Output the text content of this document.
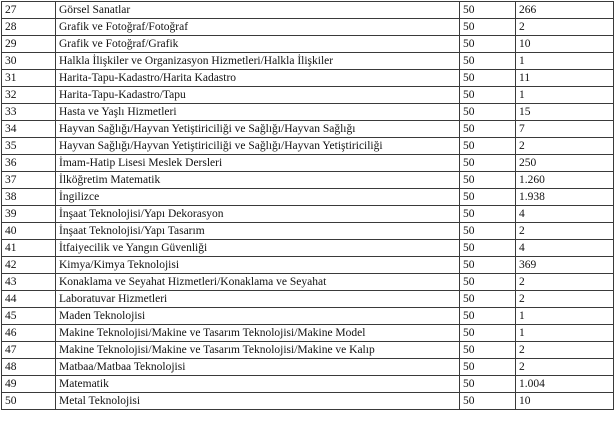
27	Görsel Sanatlar	50	266
28	Grafik ve Fotoğraf/Fotoğraf	50	2
29	Grafik ve Fotoğraf/Grafik	50	10
30	Halkla İlişkiler ve Organizasyon Hizmetleri/Halkla İlişkiler	50	1
31	Harita-Tapu-Kadastro/Harita Kadastro	50	11
32	Harita-Tapu-Kadastro/Tapu	50	1
33	Hasta ve Yaşlı Hizmetleri	50	15
34	Hayvan Sağlığı/Hayvan Yetiştiriciliği ve Sağlığı/Hayvan Sağlığı	50	7
35	Hayvan Sağlığı/Hayvan Yetiştiriciliği ve Sağlığı/Hayvan Yetiştiriciliği	50	2
36	İmam-Hatip Lisesi Meslek Dersleri	50	250
37	İlköğretim Matematik	50	1.260
38	İngilizce	50	1.938
39	İnşaat Teknolojisi/Yapı Dekorasyon	50	4
40	İnşaat Teknolojisi/Yapı Tasarım	50	2
41	İtfaiyecilik ve Yangın Güvenliği	50	4
42	Kimya/Kimya Teknolojisi	50	369
43	Konaklama ve Seyahat Hizmetleri/Konaklama ve Seyahat	50	2
44	Laboratuvar Hizmetleri	50	2
45	Maden Teknolojisi	50	1
46	Makine Teknolojisi/Makine ve Tasarım Teknolojisi/Makine Model	50	1
47	Makine Teknolojisi/Makine ve Tasarım Teknolojisi/Makine ve Kalıp	50	2
48	Matbaa/Matbaa Teknolojisi	50	2
49	Matematik	50	1.004
50	Metal Teknolojisi	50	10
